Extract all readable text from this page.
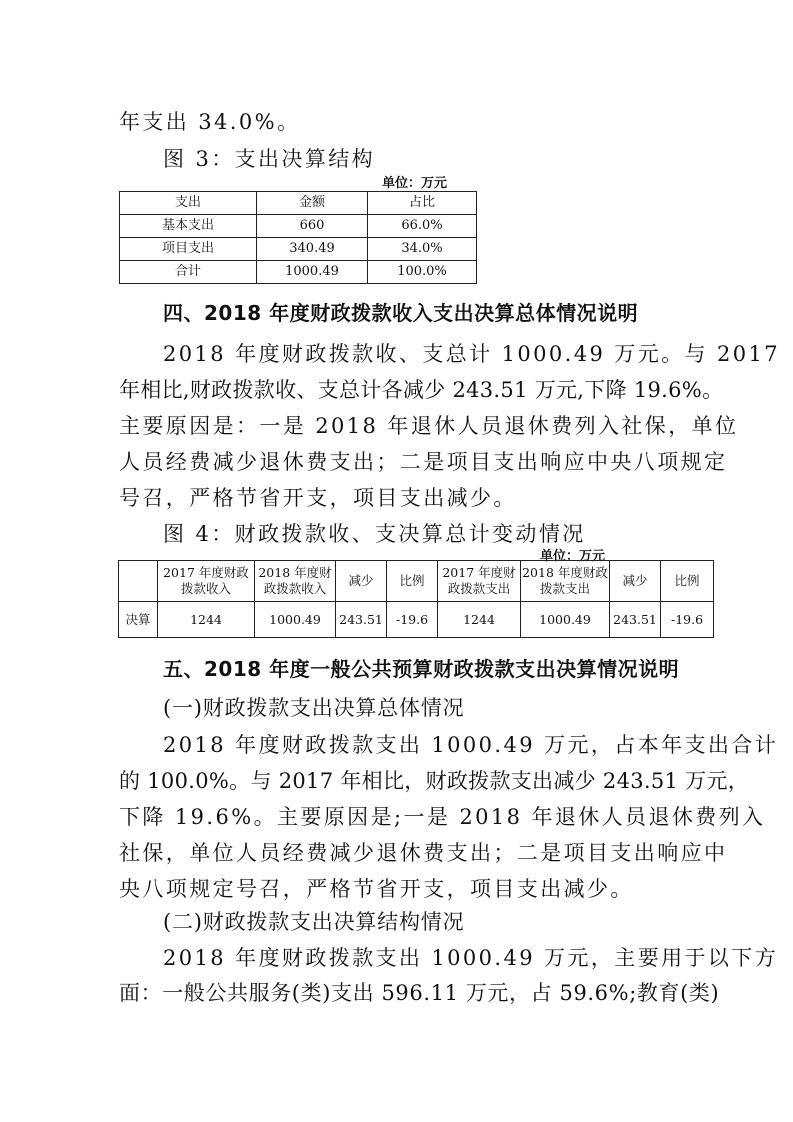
年支出 34.0%。
图 3：支出决算结构
单位：万元
支出	金额	占比
基本支出	660	66.0%
项目支出	340.49	34.0%
合计	1000.49	100.0%
四、2018 年度财政拨款收入支出决算总体情况说明
2018 年度财政拨款收、支总计 1000.49 万元。与 2017
年相比,财政拨款收、支总计各减少 243.51 万元,下降 19.6%。
主要原因是：一是 2018 年退休人员退休费列入社保，单位
人员经费减少退休费支出；二是项目支出响应中央八项规定
号召，严格节省开支，项目支出减少。
图 4：财政拨款收、支决算总计变动情况
单位：万元
	2017 年度财政拨款收入	2018 年度财政拨款收入	减少	比例	2017 年度财政拨款支出	2018 年度财政拨款支出	减少	比例
决算	1244	1000.49	243.51	-19.6	1244	1000.49	243.51	-19.6
五、2018 年度一般公共预算财政拨款支出决算情况说明
(一)财政拨款支出决算总体情况
2018 年度财政拨款支出 1000.49 万元，占本年支出合计
的 100.0%。与 2017 年相比，财政拨款支出减少 243.51 万元，
下降 19.6%。主要原因是;一是 2018 年退休人员退休费列入
社保，单位人员经费减少退休费支出；二是项目支出响应中
央八项规定号召，严格节省开支，项目支出减少。
(二)财政拨款支出决算结构情况
2018 年度财政拨款支出 1000.49 万元，主要用于以下方
面：一般公共服务(类)支出 596.11 万元，占 59.6%;教育(类)
